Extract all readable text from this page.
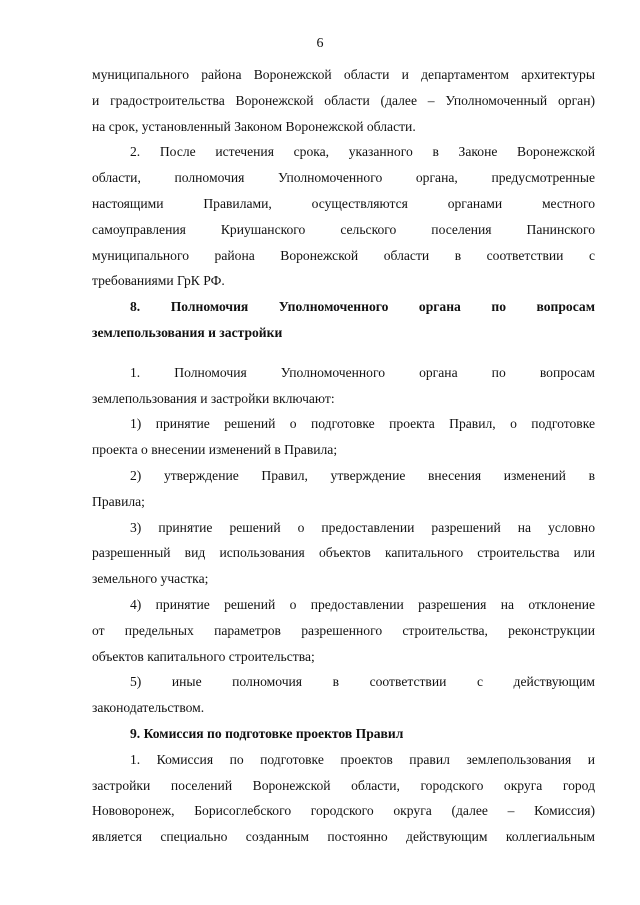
6
муниципального района Воронежской области и департаментом архитектуры
и градостроительства Воронежской области (далее – Уполномоченный орган)
на срок, установленный Законом Воронежской области.
2. После истечения срока, указанного в Законе Воронежской
области, полномочия Уполномоченного органа, предусмотренные
настоящими Правилами, осуществляются органами местного
самоуправления Криушанского сельского поселения Панинского
муниципального района Воронежской области в соответствии с
требованиями ГрК РФ.
8. Полномочия Уполномоченного органа по вопросам
землепользования и застройки
1. Полномочия Уполномоченного органа по вопросам
землепользования и застройки включают:
1) принятие решений о подготовке проекта Правил, о подготовке
проекта о внесении изменений в Правила;
2) утверждение Правил, утверждение внесения изменений в
Правила;
3) принятие решений о предоставлении разрешений на условно
разрешенный вид использования объектов капитального строительства или
земельного участка;
4) принятие решений о предоставлении разрешения на отклонение
от предельных параметров разрешенного строительства, реконструкции
объектов капитального строительства;
5) иные полномочия в соответствии с действующим
законодательством.
9. Комиссия по подготовке проектов Правил
1. Комиссия по подготовке проектов правил землепользования и
застройки поселений Воронежской области, городского округа город
Нововоронеж, Борисоглебского городского округа (далее – Комиссия)
является специально созданным постоянно действующим коллегиальным
